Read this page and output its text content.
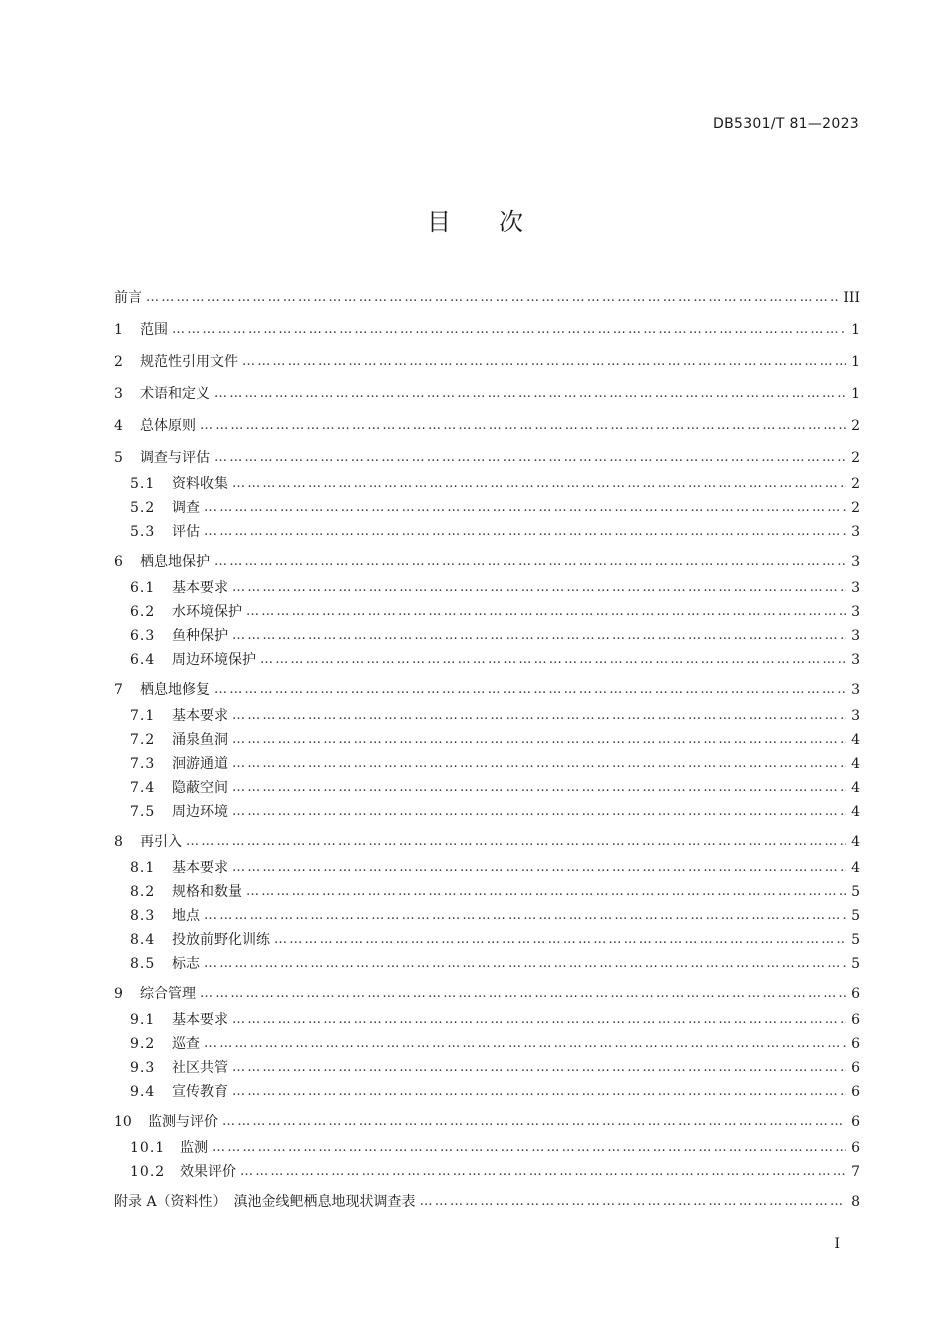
DB5301/T 81—2023
目次
前言 ……………………………………………………………………………………………………………………………………………………………………………………………………………………………………………	III
1	范围 ……………………………………………………………………………………………………………………………………………………………………………………………………………………………………………	1
2	规范性引用文件 ……………………………………………………………………………………………………………………………………………………………………………………………………………………………………………	1
3	术语和定义 ……………………………………………………………………………………………………………………………………………………………………………………………………………………………………………	1
4	总体原则 ……………………………………………………………………………………………………………………………………………………………………………………………………………………………………………	2
5	调查与评估 ……………………………………………………………………………………………………………………………………………………………………………………………………………………………………………	2
5.1	资料收集 ……………………………………………………………………………………………………………………………………………………………………………………………………………………………………………	2
5.2	调查 ……………………………………………………………………………………………………………………………………………………………………………………………………………………………………………	2
5.3	评估 ……………………………………………………………………………………………………………………………………………………………………………………………………………………………………………	3
6	栖息地保护 ……………………………………………………………………………………………………………………………………………………………………………………………………………………………………………	3
6.1	基本要求 ……………………………………………………………………………………………………………………………………………………………………………………………………………………………………………	3
6.2	水环境保护 ……………………………………………………………………………………………………………………………………………………………………………………………………………………………………………	3
6.3	鱼种保护 ……………………………………………………………………………………………………………………………………………………………………………………………………………………………………………	3
6.4	周边环境保护 ……………………………………………………………………………………………………………………………………………………………………………………………………………………………………………	3
7	栖息地修复 ……………………………………………………………………………………………………………………………………………………………………………………………………………………………………………	3
7.1	基本要求 ……………………………………………………………………………………………………………………………………………………………………………………………………………………………………………	3
7.2	涌泉鱼洞 ……………………………………………………………………………………………………………………………………………………………………………………………………………………………………………	4
7.3	洄游通道 ……………………………………………………………………………………………………………………………………………………………………………………………………………………………………………	4
7.4	隐蔽空间 ……………………………………………………………………………………………………………………………………………………………………………………………………………………………………………	4
7.5	周边环境 ……………………………………………………………………………………………………………………………………………………………………………………………………………………………………………	4
8	再引入 ……………………………………………………………………………………………………………………………………………………………………………………………………………………………………………	4
8.1	基本要求 ……………………………………………………………………………………………………………………………………………………………………………………………………………………………………………	4
8.2	规格和数量 ……………………………………………………………………………………………………………………………………………………………………………………………………………………………………………	5
8.3	地点 ……………………………………………………………………………………………………………………………………………………………………………………………………………………………………………	5
8.4	投放前野化训练 ……………………………………………………………………………………………………………………………………………………………………………………………………………………………………………	5
8.5	标志 ……………………………………………………………………………………………………………………………………………………………………………………………………………………………………………	5
9	综合管理 ……………………………………………………………………………………………………………………………………………………………………………………………………………………………………………	6
9.1	基本要求 ……………………………………………………………………………………………………………………………………………………………………………………………………………………………………………	6
9.2	巡查 ……………………………………………………………………………………………………………………………………………………………………………………………………………………………………………	6
9.3	社区共管 ……………………………………………………………………………………………………………………………………………………………………………………………………………………………………………	6
9.4	宣传教育 ……………………………………………………………………………………………………………………………………………………………………………………………………………………………………………	6
10	监测与评价 ……………………………………………………………………………………………………………………………………………………………………………………………………………………………………………	6
10.1	监测 ……………………………………………………………………………………………………………………………………………………………………………………………………………………………………………	6
10.2	效果评价 ……………………………………………………………………………………………………………………………………………………………………………………………………………………………………………	7
附录 A（资料性）　滇池金线鲃栖息地现状调查表 ……………………………………………………………………………………………………………………………………………………………………………………………………………………………………………	8
I
